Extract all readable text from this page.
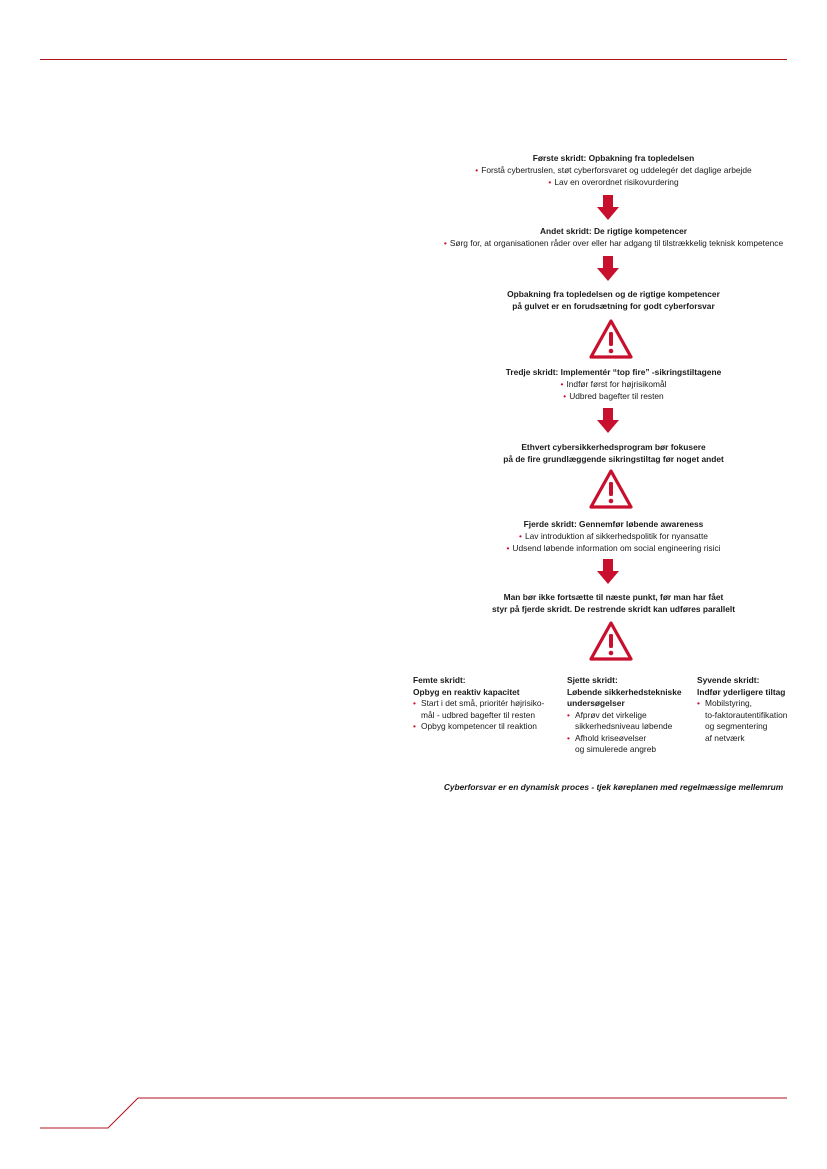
Første skridt: Opbakning fra topledelsen
• Forstå cybertruslen, støt cyberforsvaret og uddelegér det daglige arbejde
• Lav en overordnet risikovurdering
Andet skridt: De rigtige kompetencer
• Sørg for, at organisationen råder over eller har adgang til tilstrækkelig teknisk kompetence
Opbakning fra topledelsen og de rigtige kompetencer
på gulvet er en forudsætning for godt cyberforsvar
Tredje skridt: Implementér “top fire” -sikringstiltagene
• Indfør først for højrisikomål
• Udbred bagefter til resten
Ethvert cybersikkerhedsprogram bør fokusere
på de fire grundlæggende sikringstiltag før noget andet
Fjerde skridt: Gennemfør løbende awareness
• Lav introduktion af sikkerhedspolitik for nyansatte
• Udsend løbende information om social engineering risici
Man bør ikke fortsætte til næste punkt, før man har fået
styr på fjerde skridt. De restrende skridt kan udføres parallelt
Femte skridt:
Opbyg en reaktiv kapacitet
• Start i det små, prioritér højrisiko-
mål - udbred bagefter til resten
• Opbyg kompetencer til reaktion
Sjette skridt:
Løbende sikkerhedstekniske
undersøgelser
• Afprøv det virkelige
sikkerhedsniveau løbende
• Afhold kriseøvelser
og simulerede angreb
Syvende skridt:
Indfør yderligere tiltag
• Mobilstyring,
to-faktorautentifikation
og segmentering
af netværk
Cyberforsvar er en dynamisk proces - tjek køreplanen med regelmæssige mellemrum
